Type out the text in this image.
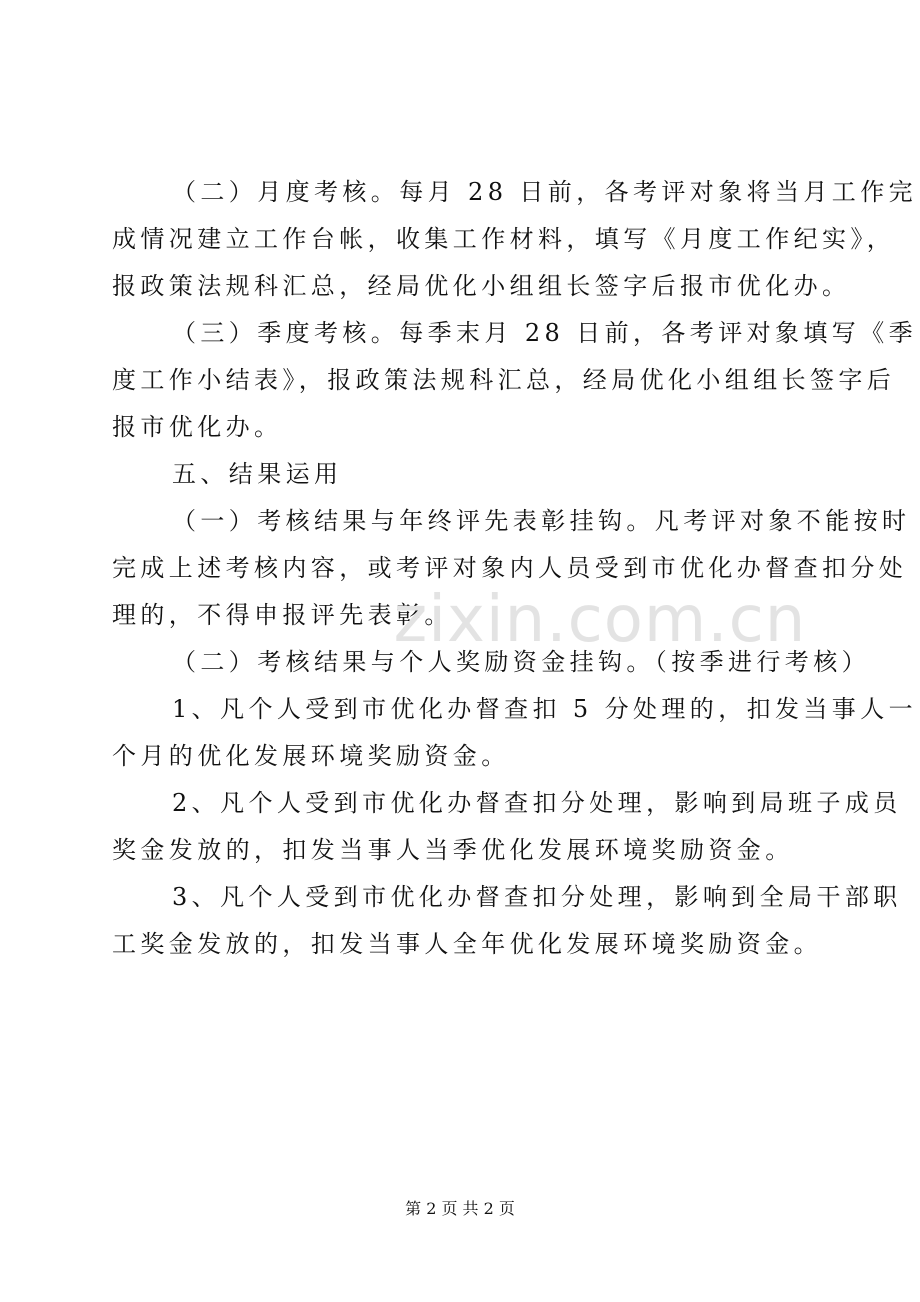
（二）月度考核。每月 28 日前，各考评对象将当月工作完
成情况建立工作台帐，收集工作材料，填写《月度工作纪实》，
报政策法规科汇总，经局优化小组组长签字后报市优化办。
（三）季度考核。每季末月 28 日前，各考评对象填写《季
度工作小结表》，报政策法规科汇总，经局优化小组组长签字后
报市优化办。
五、结果运用
（一）考核结果与年终评先表彰挂钩。凡考评对象不能按时
完成上述考核内容，或考评对象内人员受到市优化办督查扣分处
理的，不得申报评先表彰。
（二）考核结果与个人奖励资金挂钩。（按季进行考核）
1、凡个人受到市优化办督查扣 5 分处理的，扣发当事人一
个月的优化发展环境奖励资金。
2、凡个人受到市优化办督查扣分处理，影响到局班子成员
奖金发放的，扣发当事人当季优化发展环境奖励资金。
3、凡个人受到市优化办督查扣分处理，影响到全局干部职
工奖金发放的，扣发当事人全年优化发展环境奖励资金。
zixin.com.cn
第 2 页 共 2 页
